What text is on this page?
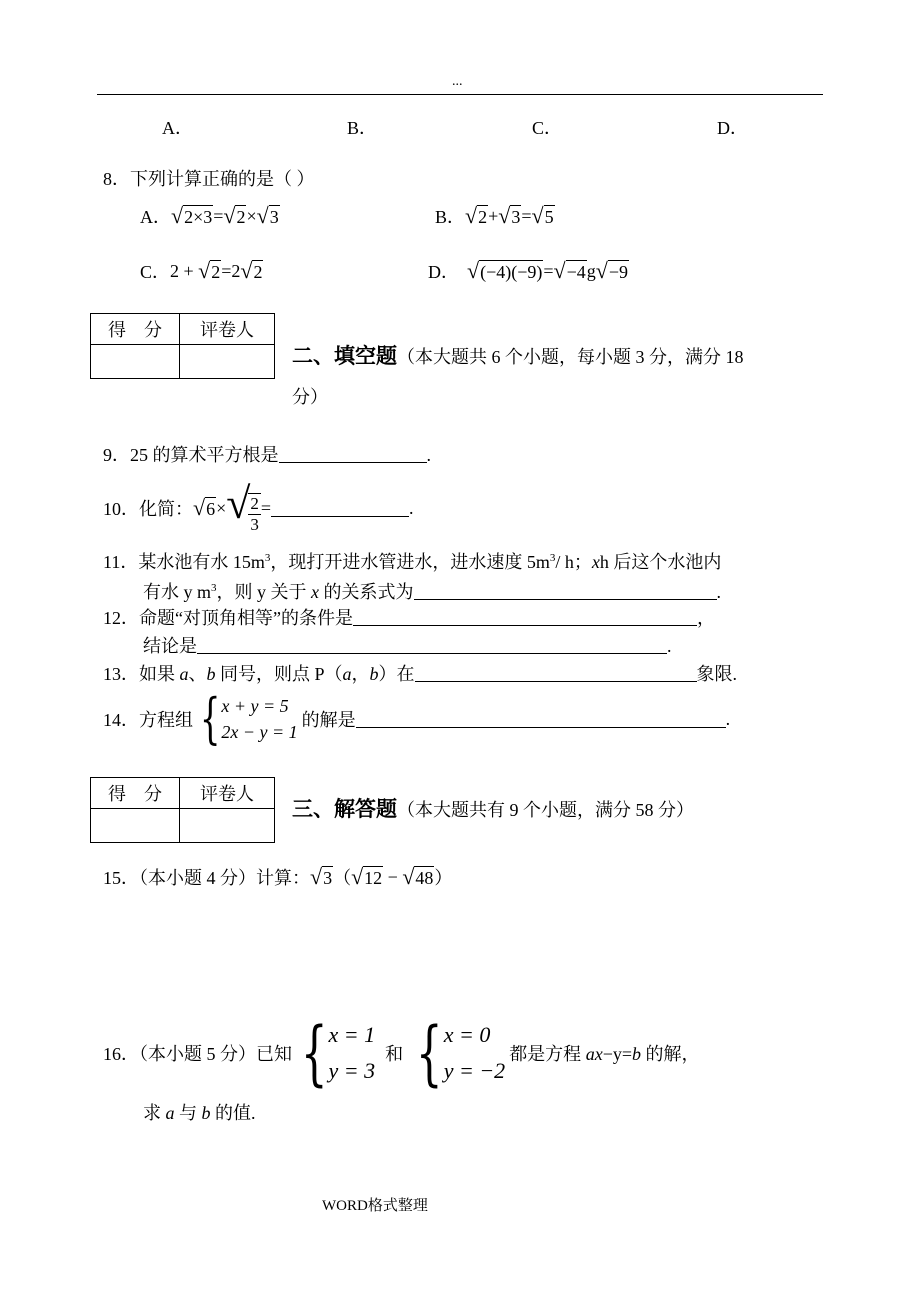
...
A．	B．	C．	D．
8．下列计算正确的是（ ）
A． √2×3 = √2 × √3	B． √2 + √3 = √5
C． 2 + √2 =2 √2	D． √(−4)(−9) = √−4 g √−9
得　分	评卷人

二、填空题（本大题共 6 个小题，每小题 3 分，满分 18
分）
9．25 的算术平方根是	.
10．化简： √6 × √
$\frac{2}{3}$ =	.
11．某水池有水 $15m^3$，现打开进水管进水，进水速度 $5m^3/$ h；xh 后这个水池内
有水 y $m^3$，则 y 关于 x 的关系式为	.
12．命题“对顶角相等”的条件是	，
结论是	.
13．如果 a、b 同号，则点 P（a，b）在	象限.
14．方程组 { x + y = 5
2x − y = 1
的解是	.
得　分	评卷人

三、解答题（本大题共有 9 个小题，满分 58 分）
15．（本小题 4 分）计算： √3 （ √12 − √48 ）
16．（本小题 5 分）已知 { x = 1
y = 3
和 { x = 0
y = −2
都是方程 ax−y=b 的解，
求 a 与 b 的值.
WORD格式整理
